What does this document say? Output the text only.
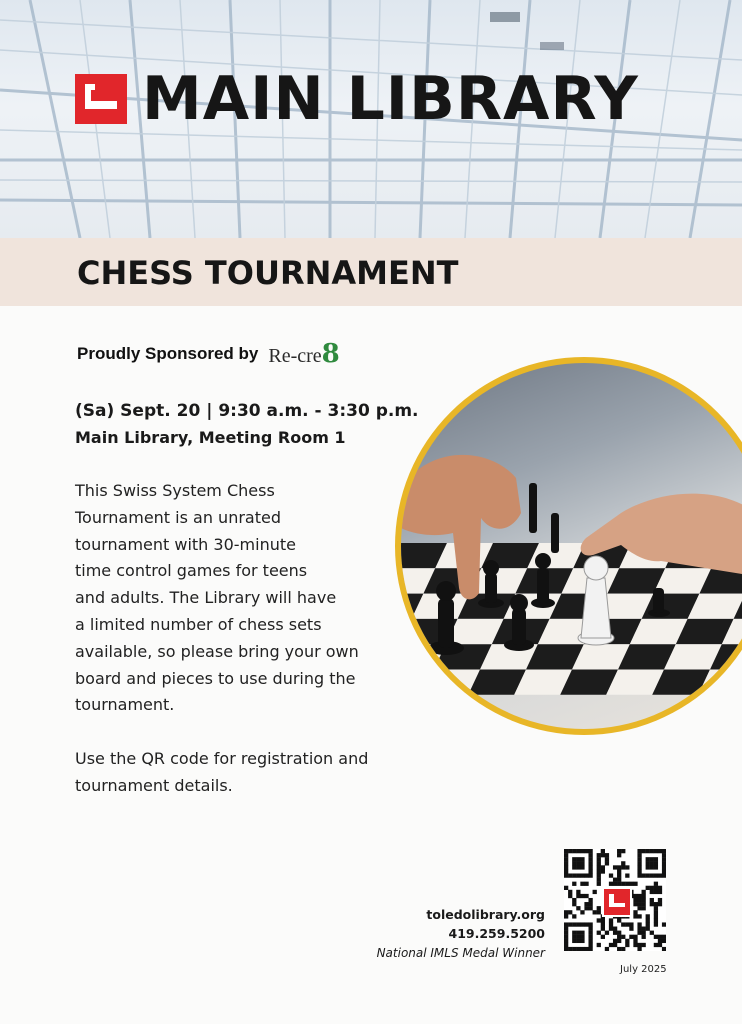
MAIN LIBRARY
CHESS TOURNAMENT
Proudly Sponsored by Re-cre8
(Sa) Sept. 20 | 9:30 a.m. - 3:30 p.m.
Main Library, Meeting Room 1
This Swiss System Chess
Tournament is an unrated
tournament with 30-minute
time control games for teens
and adults. The Library will have
a limited number of chess sets
available, so please bring your own
board and pieces to use during the
tournament.
Use the QR code for registration and
tournament details.
toledolibrary.org
419.259.5200
National IMLS Medal Winner
July 2025
